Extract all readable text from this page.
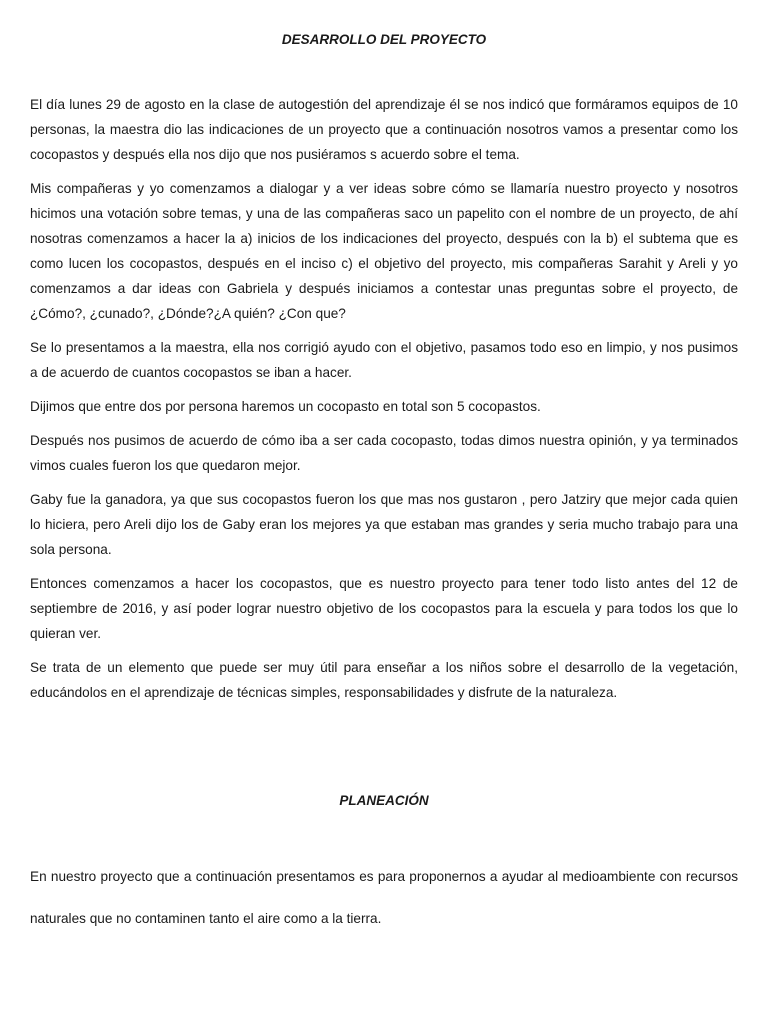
DESARROLLO DEL PROYECTO

El día lunes 29 de agosto en la clase de autogestión del aprendizaje él se nos indicó que formáramos equipos de 10 personas, la maestra dio las indicaciones de un proyecto que a continuación nosotros vamos a presentar como los cocopastos y después ella nos dijo que nos pusiéramos s acuerdo sobre el tema.

Mis compañeras y yo comenzamos a dialogar y a ver ideas sobre cómo se llamaría nuestro proyecto y nosotros hicimos una votación sobre temas, y una de las compañeras saco un papelito con el nombre de un proyecto, de ahí nosotras comenzamos a hacer la a) inicios de los indicaciones del proyecto, después con la b) el subtema que es como lucen los cocopastos, después en el inciso c) el objetivo del proyecto, mis compañeras Sarahit y Areli y yo comenzamos a dar ideas con Gabriela y después iniciamos a contestar unas preguntas sobre el proyecto, de ¿Cómo?, ¿cunado?, ¿Dónde?¿A quién? ¿Con que?

Se lo presentamos a la maestra, ella nos corrigió ayudo con el objetivo, pasamos todo eso en limpio, y nos pusimos a de acuerdo de cuantos cocopastos se iban a hacer.

Dijimos que entre dos por persona haremos un cocopasto en total son 5 cocopastos.

Después nos pusimos de acuerdo de cómo iba a ser cada cocopasto, todas dimos nuestra opinión, y ya terminados vimos cuales fueron los que quedaron mejor.

Gaby fue la ganadora, ya que sus cocopastos fueron los que mas nos gustaron , pero Jatziry que mejor cada quien lo hiciera, pero Areli dijo los de Gaby eran los mejores ya que estaban mas grandes y seria mucho trabajo para una sola persona.

Entonces comenzamos a hacer los cocopastos, que es nuestro proyecto para tener todo listo antes del 12 de septiembre de 2016, y así poder lograr nuestro objetivo de los cocopastos para la escuela y para todos los que lo quieran ver.

Se trata de un elemento que puede ser muy útil para enseñar a los niños sobre el desarrollo de la vegetación, educándolos en el aprendizaje de técnicas simples, responsabilidades y disfrute de la naturaleza.

PLANEACIÓN

En nuestro proyecto que a continuación presentamos es para proponernos a ayudar al medioambiente con recursos naturales que no contaminen tanto el aire como a la tierra.
